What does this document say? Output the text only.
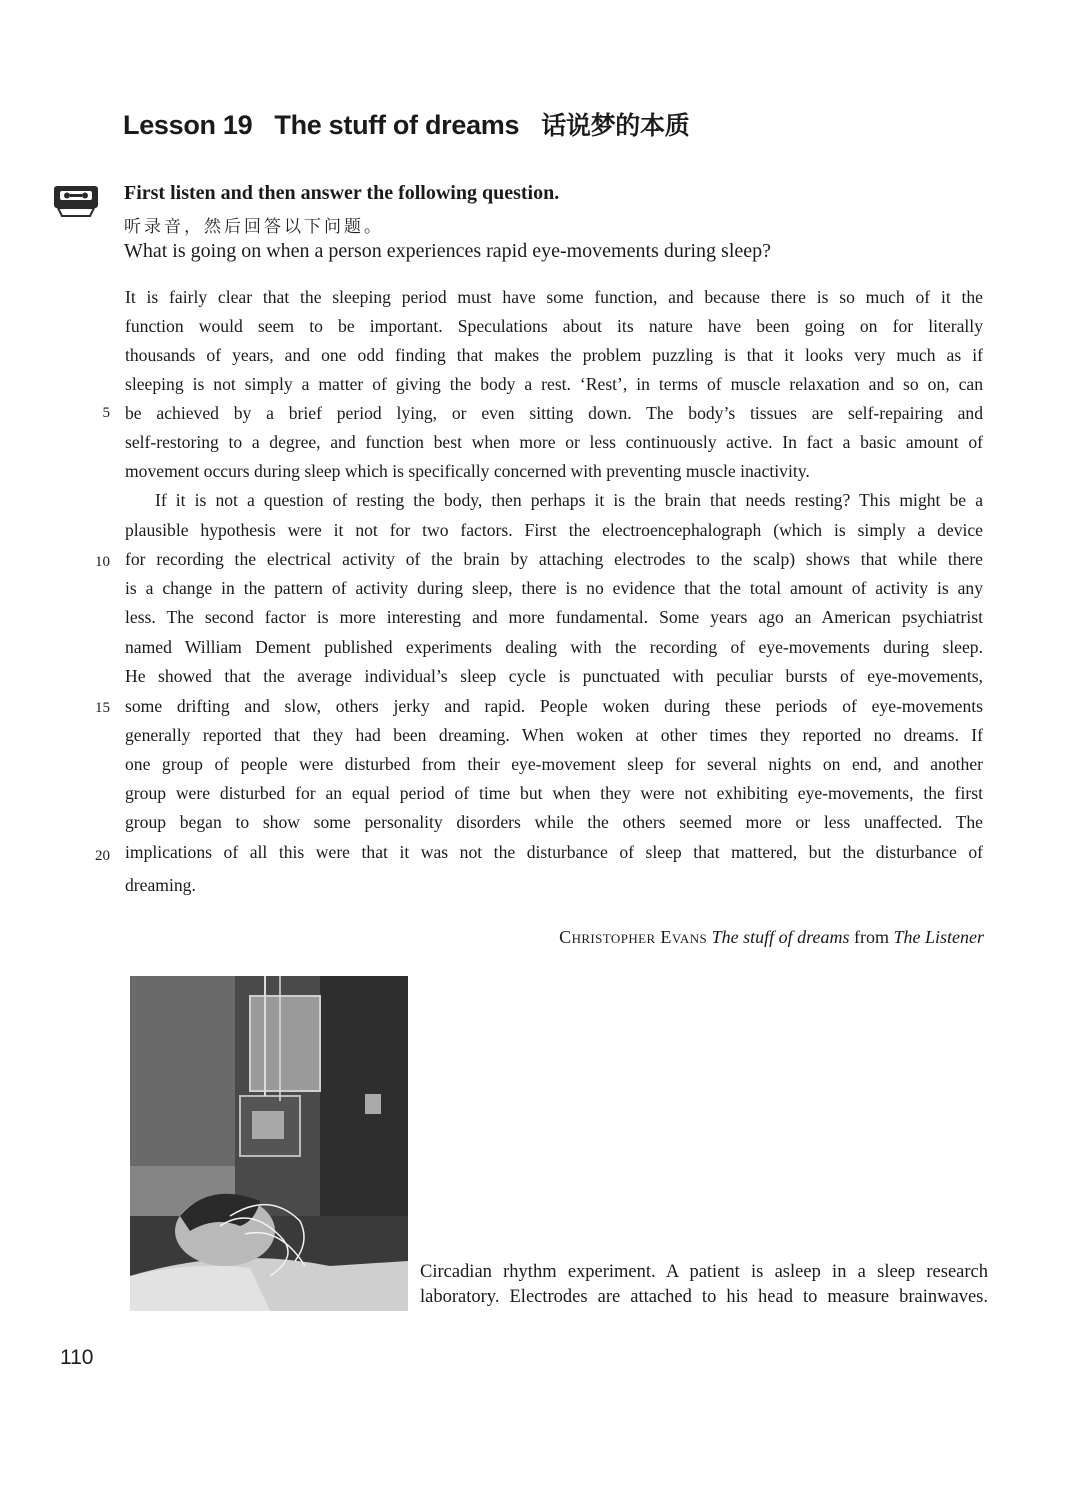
Lesson 19 The stuff of dreams 话说梦的本质
First listen and then answer the following question.
听录音，然后回答以下问题。
What is going on when a person experiences rapid eye-movements during sleep?
It is fairly clear that the sleeping period must have some function, and because there is so much of it the
function would seem to be important. Speculations about its nature have been going on for literally
thousands of years, and one odd finding that makes the problem puzzling is that it looks very much as if
sleeping is not simply a matter of giving the body a rest. ‘Rest’, in terms of muscle relaxation and so on, can
be achieved by a brief period lying, or even sitting down. The body’s tissues are self-repairing and
self-restoring to a degree, and function best when more or less continuously active. In fact a basic amount of
movement occurs during sleep which is specifically concerned with preventing muscle inactivity.
If it is not a question of resting the body, then perhaps it is the brain that needs resting? This might be a
plausible hypothesis were it not for two factors. First the electroencephalograph (which is simply a device
for recording the electrical activity of the brain by attaching electrodes to the scalp) shows that while there
is a change in the pattern of activity during sleep, there is no evidence that the total amount of activity is any
less. The second factor is more interesting and more fundamental. Some years ago an American psychiatrist
named William Dement published experiments dealing with the recording of eye-movements during sleep.
He showed that the average individual’s sleep cycle is punctuated with peculiar bursts of eye-movements,
some drifting and slow, others jerky and rapid. People woken during these periods of eye-movements
generally reported that they had been dreaming. When woken at other times they reported no dreams. If
one group of people were disturbed from their eye-movement sleep for several nights on end, and another
group were disturbed for an equal period of time but when they were not exhibiting eye-movements, the first
group began to show some personality disorders while the others seemed more or less unaffected. The
implications of all this were that it was not the disturbance of sleep that mattered, but the disturbance of
dreaming.
5
10
15
20
Christopher Evans The stuff of dreams from The Listener
Circadian rhythm experiment. A patient is asleep in a sleep research
laboratory. Electrodes are attached to his head to measure brainwaves.
110
